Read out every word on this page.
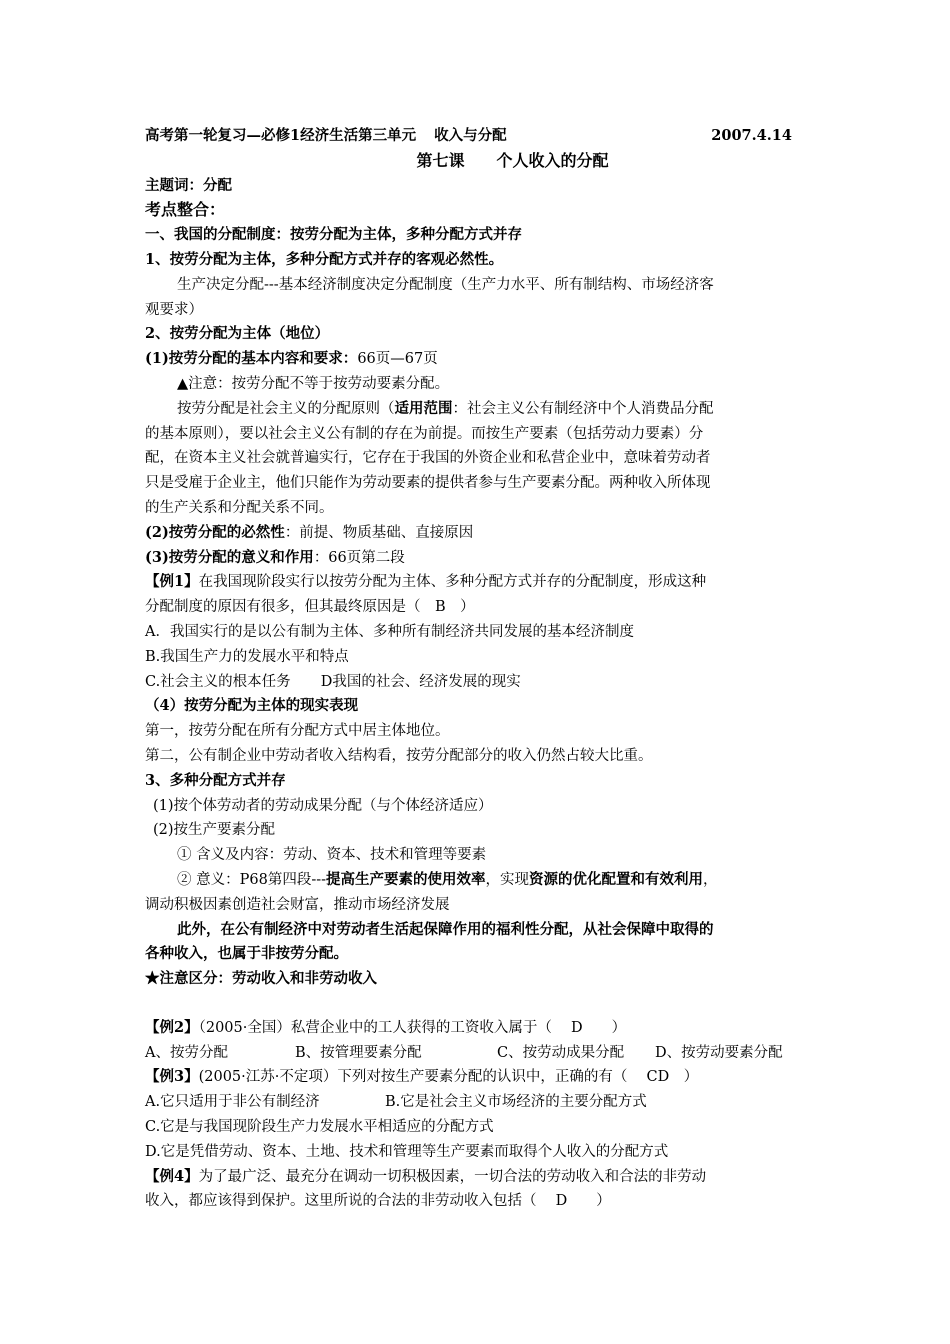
高考第一轮复习—必修1经济生活第三单元 收入与分配	2007.4.14
第七课　　个人收入的分配
主题词：分配
考点整合：
一、我国的分配制度：按劳分配为主体，多种分配方式并存
1、按劳分配为主体，多种分配方式并存的客观必然性。
生产决定分配---基本经济制度决定分配制度（生产力水平、所有制结构、市场经济客
观要求）
2、按劳分配为主体（地位）
(1)按劳分配的基本内容和要求：66页—67页
▲注意：按劳分配不等于按劳动要素分配。
按劳分配是社会主义的分配原则（适用范围：社会主义公有制经济中个人消费品分配
的基本原则），要以社会主义公有制的存在为前提。而按生产要素（包括劳动力要素）分
配，在资本主义社会就普遍实行，它存在于我国的外资企业和私营企业中，意味着劳动者
只是受雇于企业主，他们只能作为劳动要素的提供者参与生产要素分配。两种收入所体现
的生产关系和分配关系不同。
(2)按劳分配的必然性：前提、物质基础、直接原因
(3)按劳分配的意义和作用：66页第二段
【例1】在我国现阶段实行以按劳分配为主体、多种分配方式并存的分配制度，形成这种
分配制度的原因有很多，但其最终原因是（　B　）
A．我国实行的是以公有制为主体、多种所有制经济共同发展的基本经济制度
B.我国生产力的发展水平和特点
C.社会主义的根本任务 D我国的社会、经济发展的现实
（4）按劳分配为主体的现实表现
第一，按劳分配在所有分配方式中居主体地位。
第二，公有制企业中劳动者收入结构看，按劳分配部分的收入仍然占较大比重。
3、多种分配方式并存
(1)按个体劳动者的劳动成果分配（与个体经济适应）
(2)按生产要素分配
① 含义及内容：劳动、资本、技术和管理等要素
② 意义：P68第四段---提高生产要素的使用效率，实现资源的优化配置和有效利用，
调动积极因素创造社会财富，推动市场经济发展
此外，在公有制经济中对劳动者生活起保障作用的福利性分配，从社会保障中取得的
各种收入，也属于非按劳分配。
★注意区分：劳动收入和非劳动收入
【例2】（2005·全国）私营企业中的工人获得的工资收入属于（　 D　　）
A、按劳分配	B、按管理要素分配	C、按劳动成果分配 D、按劳动要素分配
【例3】(2005·江苏·不定项）下列对按生产要素分配的认识中，正确的有（　 CD　）
A.它只适用于非公有制经济	B.它是社会主义市场经济的主要分配方式
C.它是与我国现阶段生产力发展水平相适应的分配方式
D.它是凭借劳动、资本、土地、技术和管理等生产要素而取得个人收入的分配方式
【例4】为了最广泛、最充分在调动一切积极因素，一切合法的劳动收入和合法的非劳动
收入，都应该得到保护。这里所说的合法的非劳动收入包括（　 D　　）
